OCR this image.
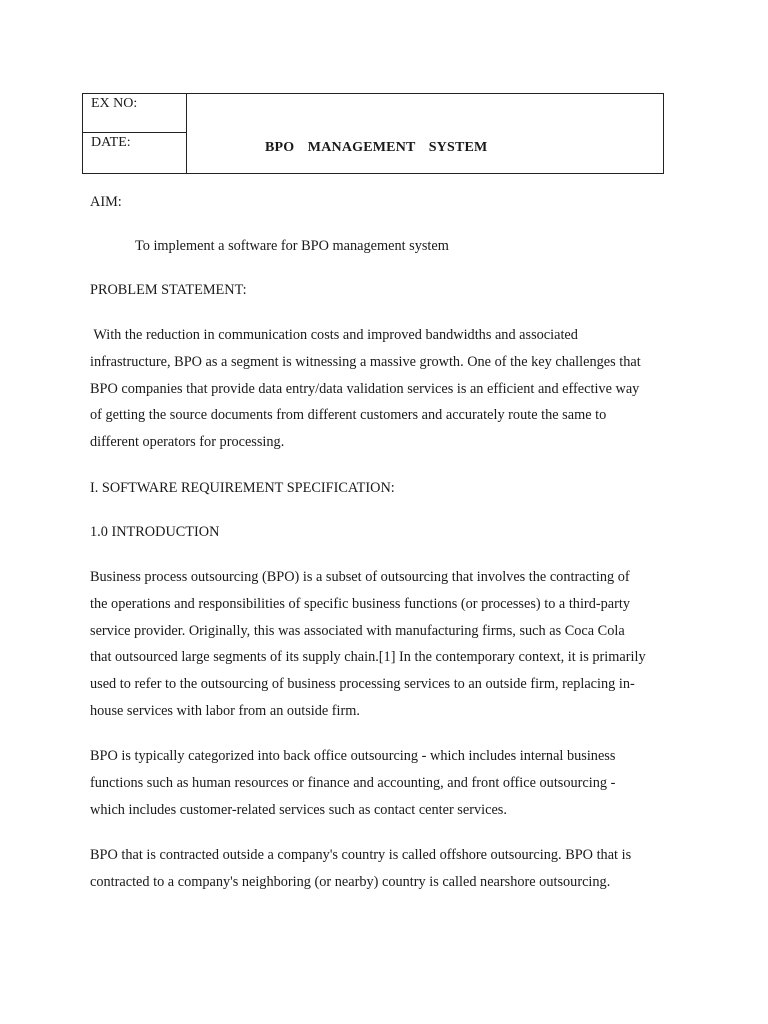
EX NO:
DATE:	BPO  MANAGEMENT  SYSTEM
AIM:
To implement a software for BPO management system
PROBLEM STATEMENT:
With the reduction in communication costs and improved bandwidths and associated
infrastructure, BPO as a segment is witnessing a massive growth. One of the key challenges that
BPO companies that provide data entry/data validation services is an efficient and effective way
of getting the source documents from different customers and accurately route the same to
different operators for processing.
I. SOFTWARE REQUIREMENT SPECIFICATION:
1.0 INTRODUCTION
Business process outsourcing (BPO) is a subset of outsourcing that involves the contracting of
the operations and responsibilities of specific business functions (or processes) to a third-party
service provider. Originally, this was associated with manufacturing firms, such as Coca Cola
that outsourced large segments of its supply chain.[1] In the contemporary context, it is primarily
used to refer to the outsourcing of business processing services to an outside firm, replacing in-
house services with labor from an outside firm.
BPO is typically categorized into back office outsourcing - which includes internal business
functions such as human resources or finance and accounting, and front office outsourcing -
which includes customer-related services such as contact center services.
BPO that is contracted outside a company's country is called offshore outsourcing. BPO that is
contracted to a company's neighboring (or nearby) country is called nearshore outsourcing.
